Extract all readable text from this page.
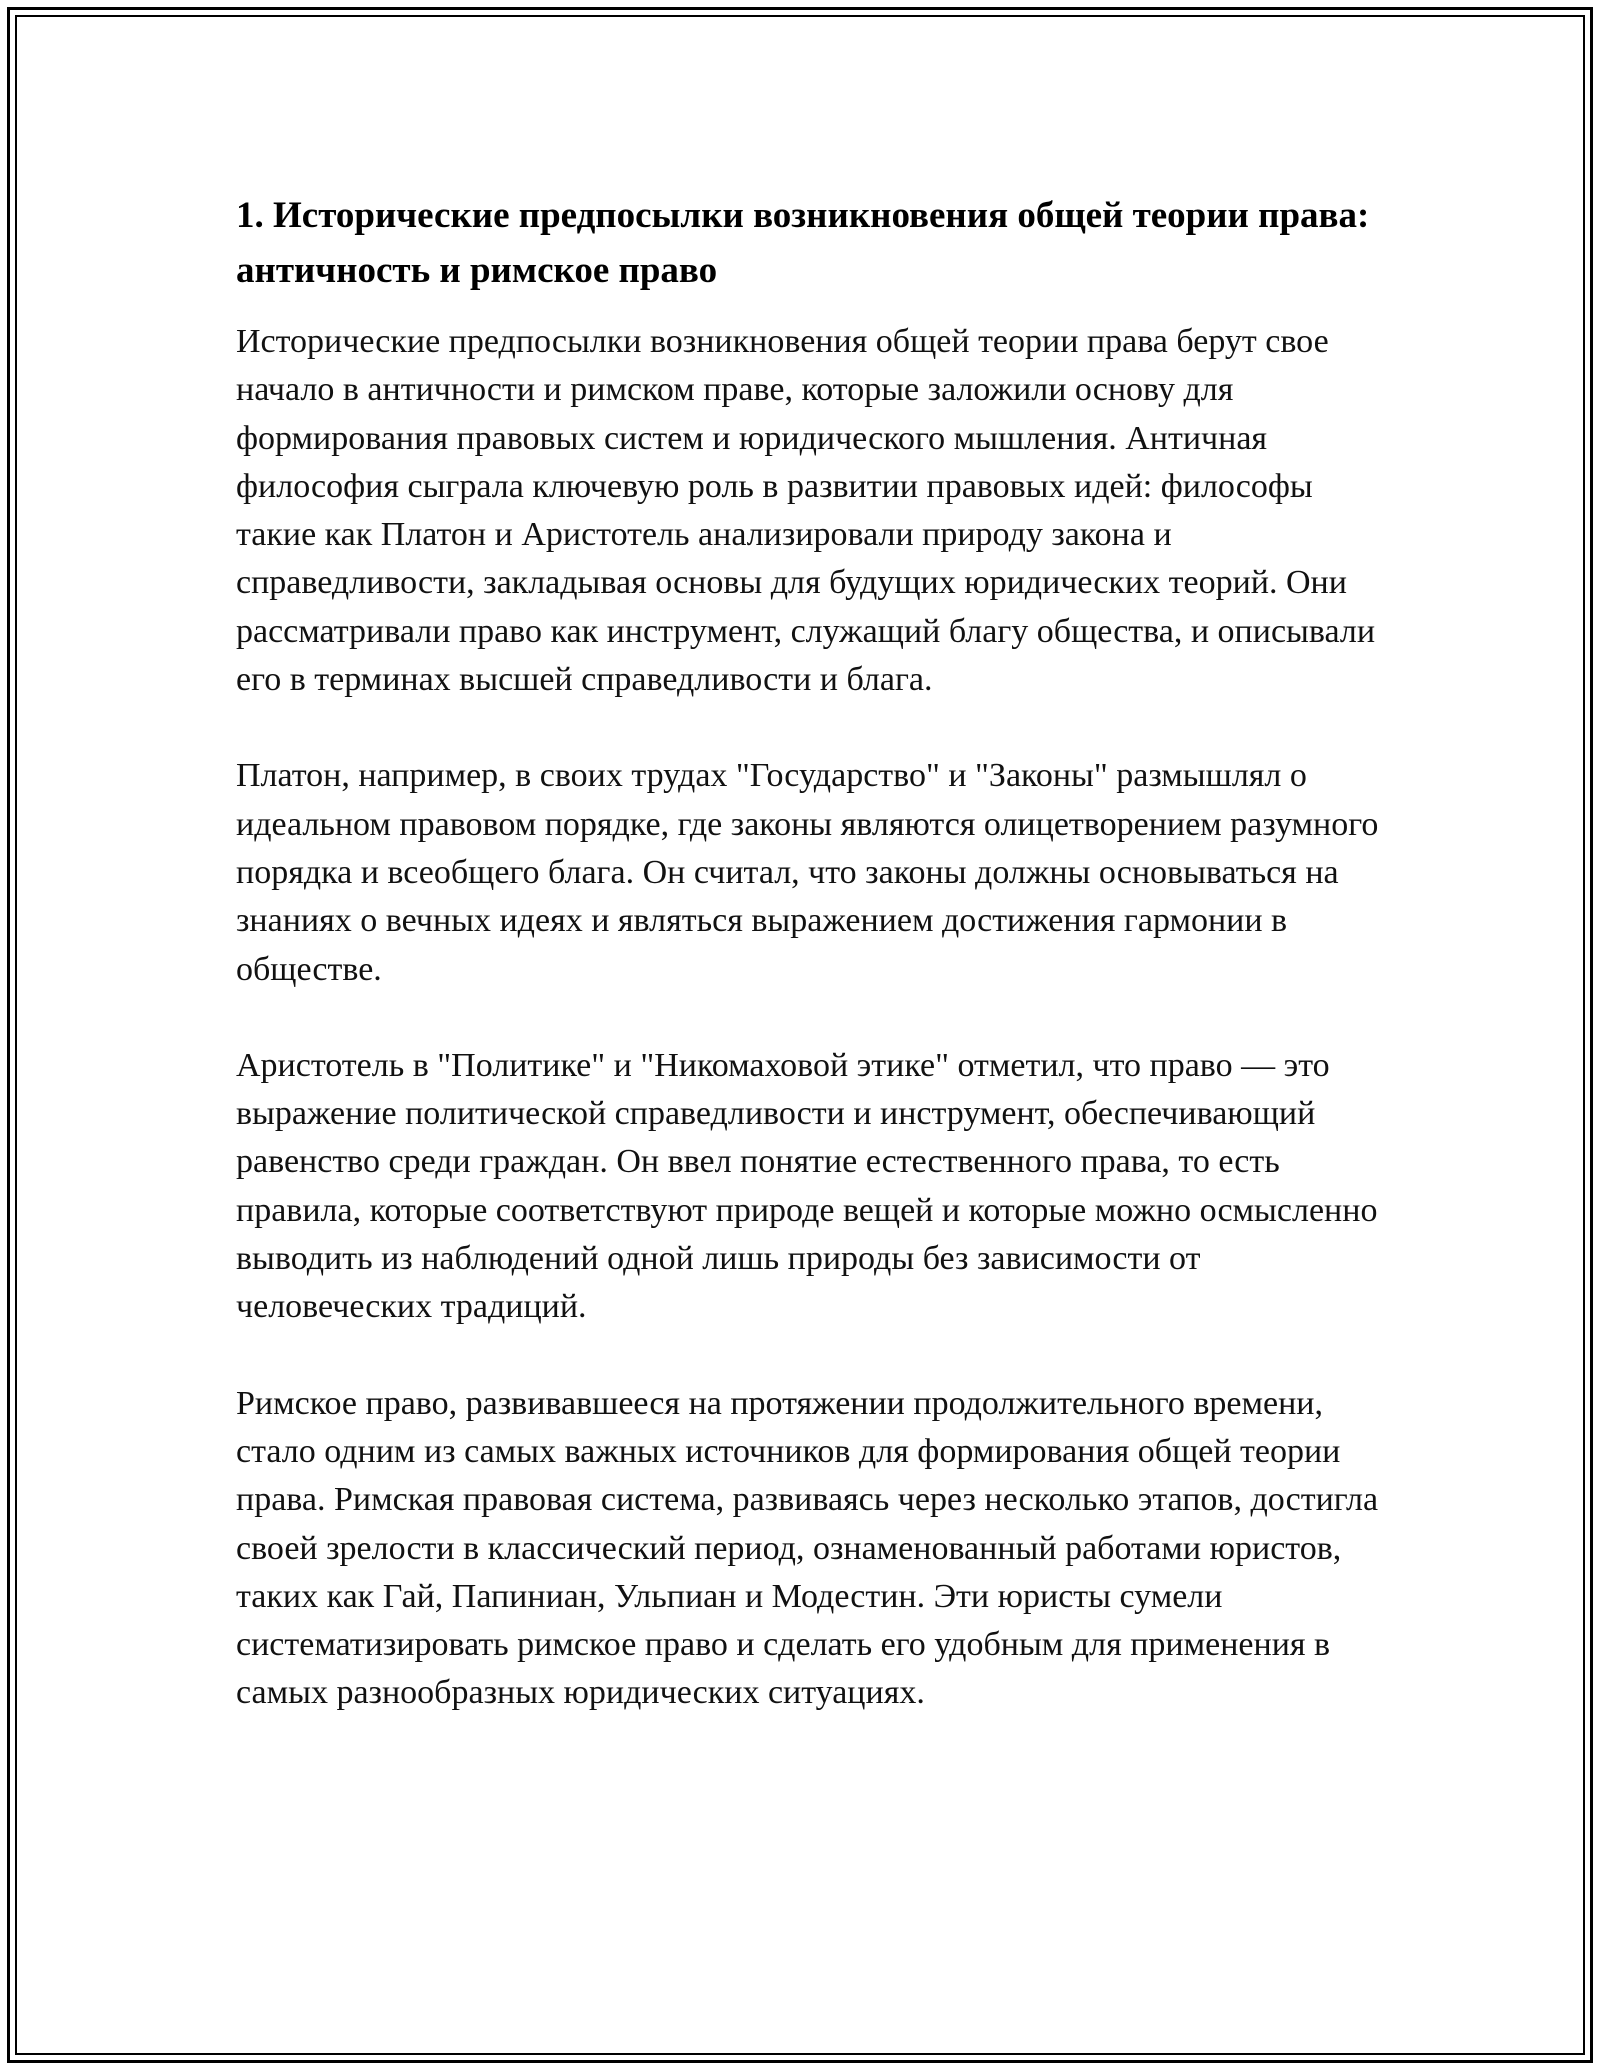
1. Исторические предпосылки возникновения общей теории права: античность и римское право

Исторические предпосылки возникновения общей теории права берут свое начало в античности и римском праве, которые заложили основу для формирования правовых систем и юридического мышления. Античная философия сыграла ключевую роль в развитии правовых идей: философы такие как Платон и Аристотель анализировали природу закона и справедливости, закладывая основы для будущих юридических теорий. Они рассматривали право как инструмент, служащий благу общества, и описывали его в терминах высшей справедливости и блага.

Платон, например, в своих трудах "Государство" и "Законы" размышлял о идеальном правовом порядке, где законы являются олицетворением разумного порядка и всеобщего блага. Он считал, что законы должны основываться на знаниях о вечных идеях и являться выражением достижения гармонии в обществе.

Аристотель в "Политике" и "Никомаховой этике" отметил, что право — это выражение политической справедливости и инструмент, обеспечивающий равенство среди граждан. Он ввел понятие естественного права, то есть правила, которые соответствуют природе вещей и которые можно осмысленно выводить из наблюдений одной лишь природы без зависимости от человеческих традиций.

Римское право, развивавшееся на протяжении продолжительного времени, стало одним из самых важных источников для формирования общей теории права. Римская правовая система, развиваясь через несколько этапов, достигла своей зрелости в классический период, ознаменованный работами юристов, таких как Гай, Папиниан, Ульпиан и Модестин. Эти юристы сумели систематизировать римское право и сделать его удобным для применения в самых разнообразных юридических ситуациях.
